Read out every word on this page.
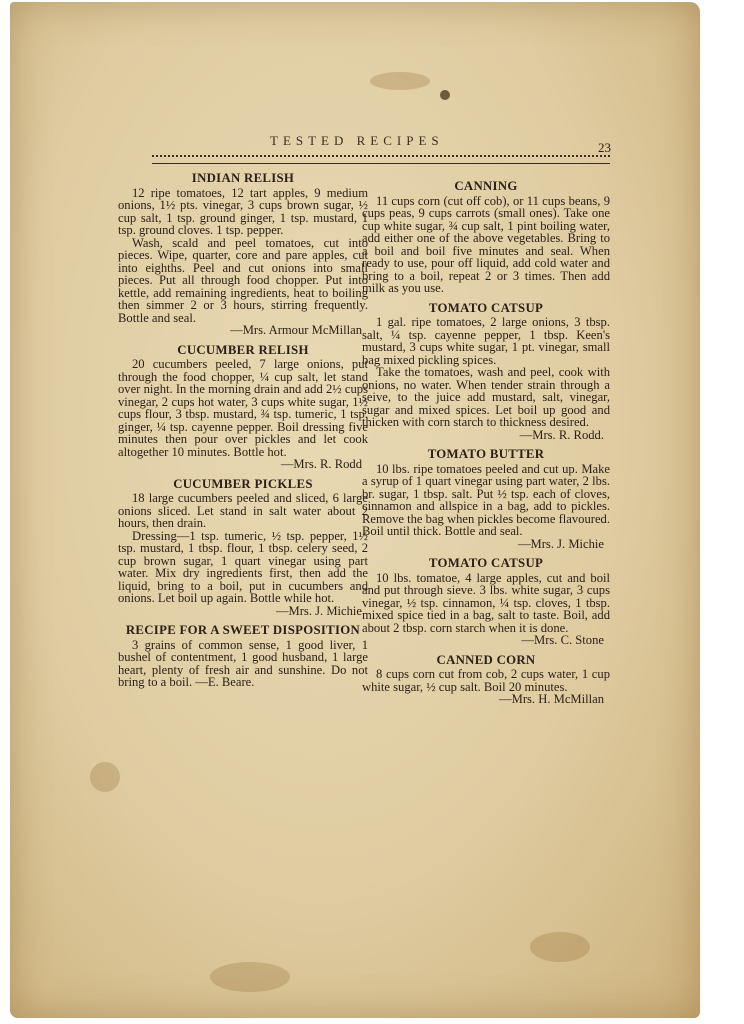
TESTED RECIPES	23
INDIAN RELISH

12 ripe tomatoes, 12 tart apples, 9 medium onions, 1½ pts. vinegar, 3 cups brown sugar, ½ cup salt, 1 tsp. ground ginger, 1 tsp. mustard, 1 tsp. ground cloves. 1 tsp. pepper.

Wash, scald and peel tomatoes, cut into pieces. Wipe, quarter, core and pare apples, cut into eighths. Peel and cut onions into small pieces. Put all through food chopper. Put into kettle, add remaining ingredients, heat to boiling then simmer 2 or 3 hours, stirring frequently. Bottle and seal.

—Mrs. Armour McMillan

CUCUMBER RELISH

20 cucumbers peeled, 7 large onions, put through the food chopper, ¼ cup salt, let stand over night. In the morning drain and add 2½ cups vinegar, 2 cups hot water, 3 cups white sugar, 1½ cups flour, 3 tbsp. mustard, ¾ tsp. tumeric, 1 tsp. ginger, ¼ tsp. cayenne pepper. Boil dressing five minutes then pour over pickles and let cook altogether 10 minutes. Bottle hot.

—Mrs. R. Rodd

CUCUMBER PICKLES

18 large cucumbers peeled and sliced, 6 large onions sliced. Let stand in salt water about 2 hours, then drain.

Dressing—1 tsp. tumeric, ½ tsp. pepper, 1½ tsp. mustard, 1 tbsp. flour, 1 tbsp. celery seed, 2 cup brown sugar, 1 quart vinegar using part water. Mix dry ingredients first, then add the liquid, bring to a boil, put in cucumbers and onions. Let boil up again. Bottle while hot.

—Mrs. J. Michie

RECIPE FOR A SWEET DISPOSITION

3 grains of common sense, 1 good liver, 1 bushel of contentment, 1 good husband, 1 large heart, plenty of fresh air and sunshine. Do not bring to a boil. —E. Beare.

CANNING

11 cups corn (cut off cob), or 11 cups beans, 9 cups peas, 9 cups carrots (small ones). Take one cup white sugar, ¾ cup salt, 1 pint boiling water, add either one of the above vegetables. Bring to a boil and boil five minutes and seal. When ready to use, pour off liquid, add cold water and bring to a boil, repeat 2 or 3 times. Then add milk as you use.

TOMATO CATSUP

1 gal. ripe tomatoes, 2 large onions, 3 tbsp. salt, ¼ tsp. cayenne pepper, 1 tbsp. Keen's mustard, 3 cups white sugar, 1 pt. vinegar, small bag mixed pickling spices.

Take the tomatoes, wash and peel, cook with onions, no water. When tender strain through a seive, to the juice add mustard, salt, vinegar, sugar and mixed spices. Let boil up good and thicken with corn starch to thickness desired.

—Mrs. R. Rodd.

TOMATO BUTTER

10 lbs. ripe tomatoes peeled and cut up. Make a syrup of 1 quart vinegar using part water, 2 lbs. br. sugar, 1 tbsp. salt. Put ½ tsp. each of cloves, cinnamon and allspice in a bag, add to pickles. Remove the bag when pickles become flavoured. Boil until thick. Bottle and seal.

—Mrs. J. Michie

TOMATO CATSUP

10 lbs. tomatoe, 4 large apples, cut and boil and put through sieve. 3 lbs. white sugar, 3 cups vinegar, ½ tsp. cinnamon, ¼ tsp. cloves, 1 tbsp. mixed spice tied in a bag, salt to taste. Boil, add about 2 tbsp. corn starch when it is done.

—Mrs. C. Stone

CANNED CORN

8 cups corn cut from cob, 2 cups water, 1 cup white sugar, ½ cup salt. Boil 20 minutes.

—Mrs. H. McMillan
